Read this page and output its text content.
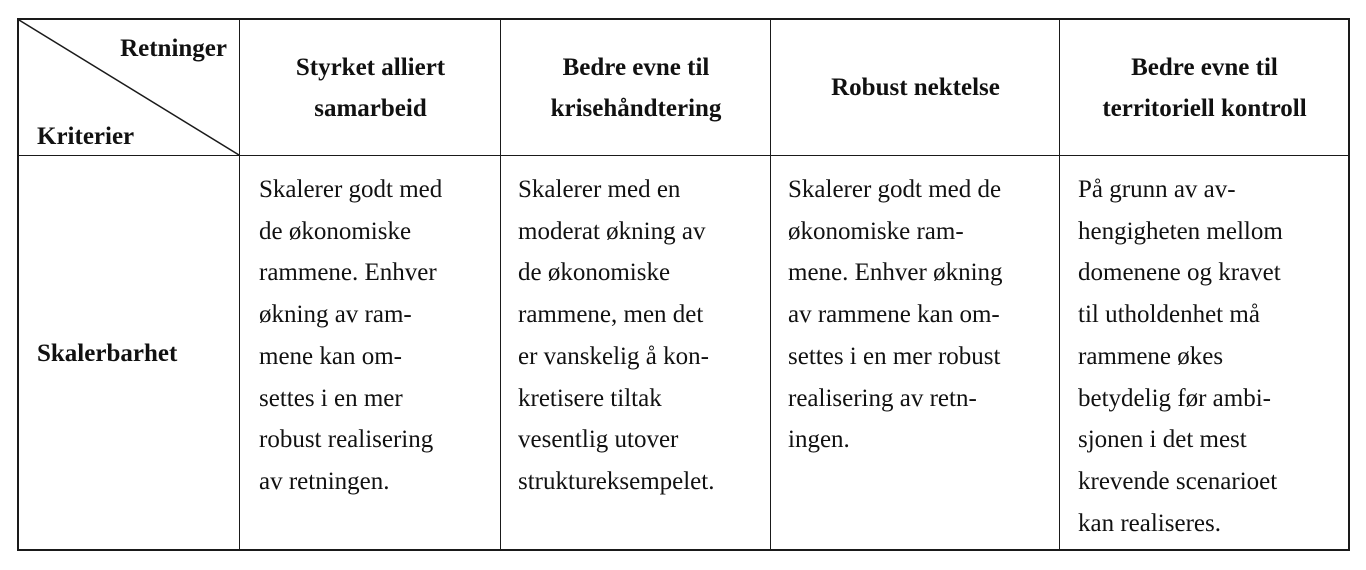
Retninger

Kriterier

Styrket alliert
samarbeid
Bedre evne til
krisehåndtering
Robust nektelse
Bedre evne til
territoriell kontroll
Skalerbarhet
Skalerer godt med
de økonomiske
rammene. Enhver
økning av ram-
mene kan om-
settes i en mer
robust realisering
av retningen.
Skalerer med en
moderat økning av
de økonomiske
rammene, men det
er vanskelig å kon-
kretisere tiltak
vesentlig utover
struktureksempelet.
Skalerer godt med de
økonomiske ram-
mene. Enhver økning
av rammene kan om-
settes i en mer robust
realisering av retn-
ingen.
På grunn av av-
hengigheten mellom
domenene og kravet
til utholdenhet må
rammene økes
betydelig før ambi-
sjonen i det mest
krevende scenarioet
kan realiseres.
